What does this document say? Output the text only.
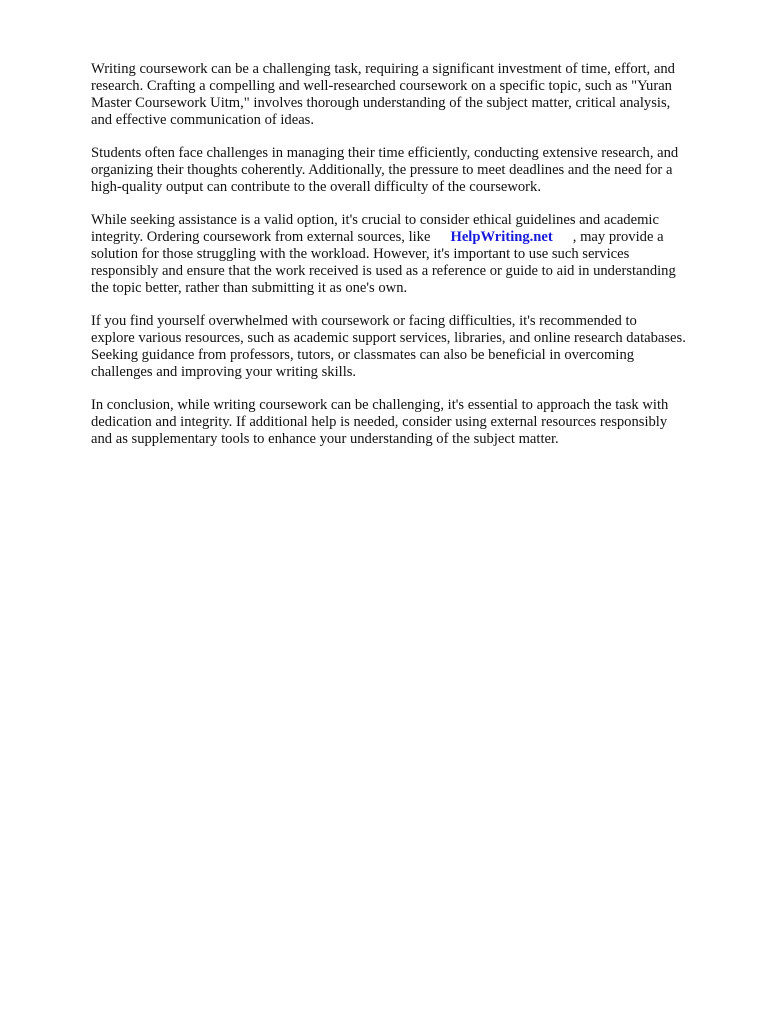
Writing coursework can be a challenging task, requiring a significant investment of time, effort, and
research. Crafting a compelling and well-researched coursework on a specific topic, such as "Yuran
Master Coursework Uitm," involves thorough understanding of the subject matter, critical analysis,
and effective communication of ideas.

Students often face challenges in managing their time efficiently, conducting extensive research, and
organizing their thoughts coherently. Additionally, the pressure to meet deadlines and the need for a
high-quality output can contribute to the overall difficulty of the coursework.

While seeking assistance is a valid option, it's crucial to consider ethical guidelines and academic
integrity. Ordering coursework from external sources, like HelpWriting.net , may provide a
solution for those struggling with the workload. However, it's important to use such services
responsibly and ensure that the work received is used as a reference or guide to aid in understanding
the topic better, rather than submitting it as one's own.

If you find yourself overwhelmed with coursework or facing difficulties, it's recommended to
explore various resources, such as academic support services, libraries, and online research databases.
Seeking guidance from professors, tutors, or classmates can also be beneficial in overcoming
challenges and improving your writing skills.

In conclusion, while writing coursework can be challenging, it's essential to approach the task with
dedication and integrity. If additional help is needed, consider using external resources responsibly
and as supplementary tools to enhance your understanding of the subject matter.
